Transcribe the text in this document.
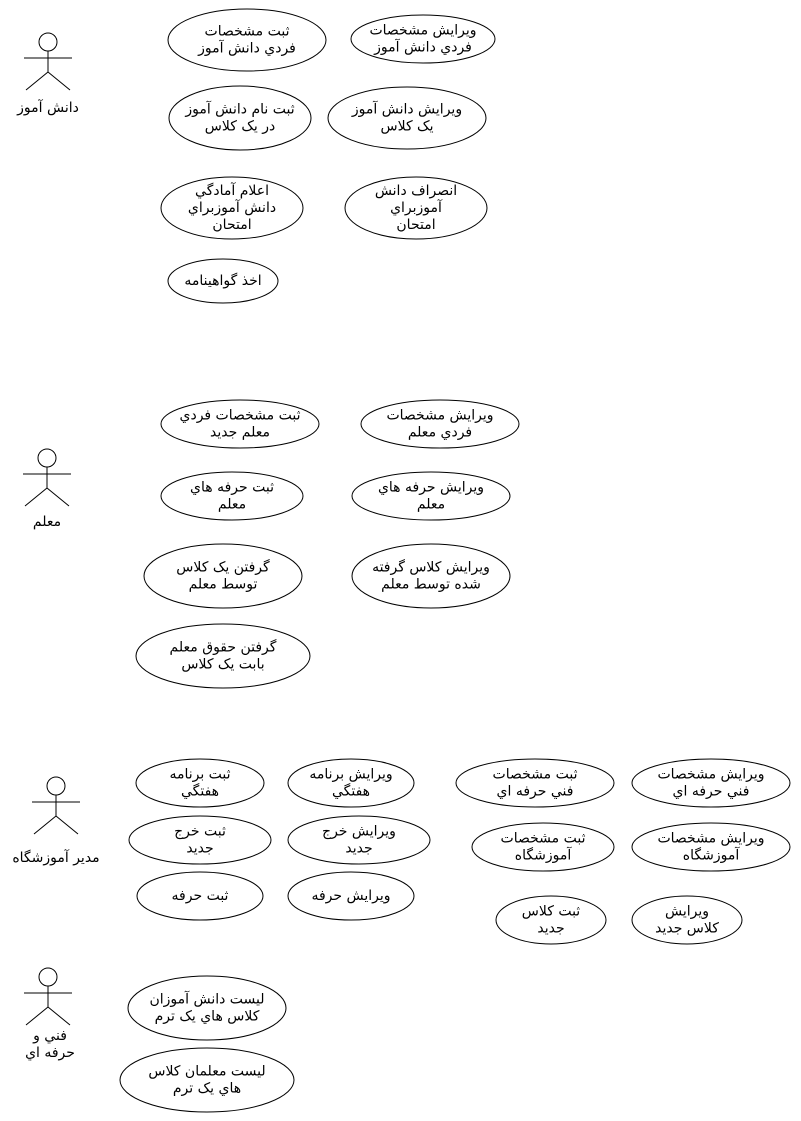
دانش آموز
معلم
مدير آموزشگاه
فني و
حرفه اي
ثبت مشخصات
فردي دانش آموز
ويرايش مشخصات
فردي دانش آموز
ثبت نام دانش آموز
در يک کلاس
ويرايش دانش آموز
يک کلاس
اعلام آمادگي
دانش آموزبراي
امتحان
انصراف دانش
آموزبراي
امتحان
اخذ گواهينامه
ثبت مشخصات فردي
معلم جديد
ويرايش مشخصات
فردي معلم
ثبت حرفه هاي
معلم
ويرايش حرفه هاي
معلم
گرفتن يک کلاس
توسط معلم
ويرايش کلاس گرفته
شده توسط معلم
گرفتن حقوق معلم
بابت يک کلاس
ثبت برنامه
هفتگي
ويرايش برنامه
هفتگي
ثبت مشخصات
فني حرفه اي
ويرايش مشخصات
فني حرفه اي
ثبت خرج
جديد
ويرايش خرج
جديد
ثبت مشخصات
آموزشگاه
ويرايش مشخصات
آموزشگاه
ثبت حرفه	ويرايش حرفه
ثبت کلاس
جديد
ويرايش
کلاس جديد
ليست دانش آموزان
کلاس هاي يک ترم
ليست معلمان کلاس
هاي يک ترم
